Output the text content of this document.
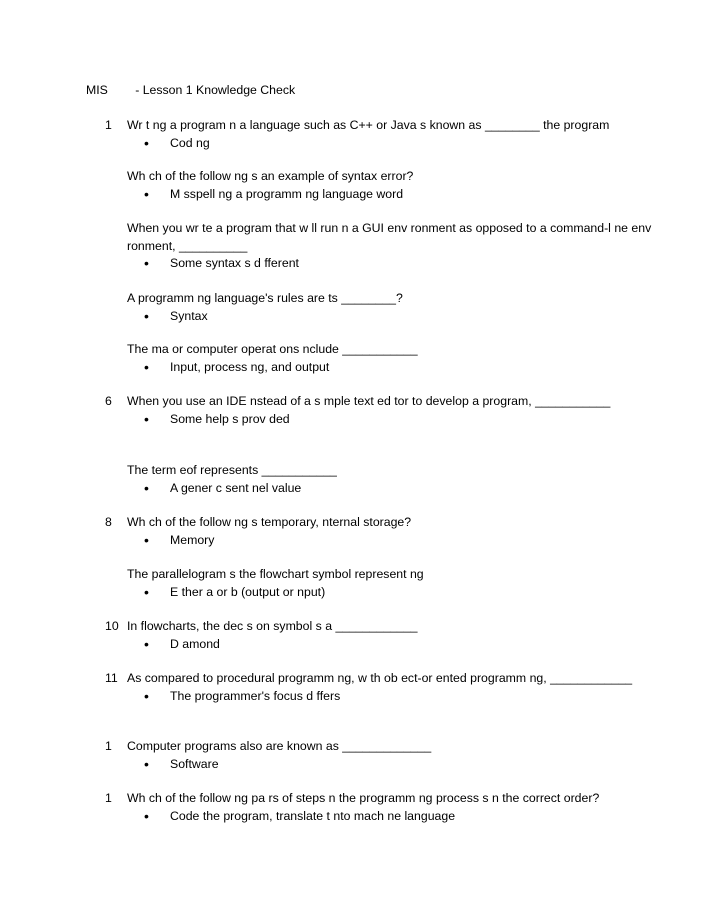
MIS        - Lesson 1 Knowledge Check
1	Wr t ng a program n a language such as C++ or Java s known as ________ the program
• Cod ng
Wh ch of the follow ng s an example of syntax error?
• M sspell ng a programm ng language word
When you wr te a program that w ll run n a GUI env ronment as opposed to a command-l ne env ronment, __________
• Some syntax s d fferent
A programm ng language's rules are ts ________?
• Syntax
The ma or computer operat ons nclude ___________
• Input, process ng, and output
6	When you use an IDE nstead of a s mple text ed tor to develop a program, ___________
• Some help s prov ded
The term eof represents ___________
• A gener c sent nel value
8	Wh ch of the follow ng s temporary, nternal storage?
• Memory
The parallelogram s the flowchart symbol represent ng
• E ther a or b (output or nput)
10 In flowcharts, the dec s on symbol s a ____________
• D amond
11 As compared to procedural programm ng, w th ob ect-or ented programm ng, ____________
• The programmer's focus d ffers
1	Computer programs also are known as _____________
• Software
1	Wh ch of the follow ng pa rs of steps n the programm ng process s n the correct order?
• Code the program, translate t nto mach ne language
